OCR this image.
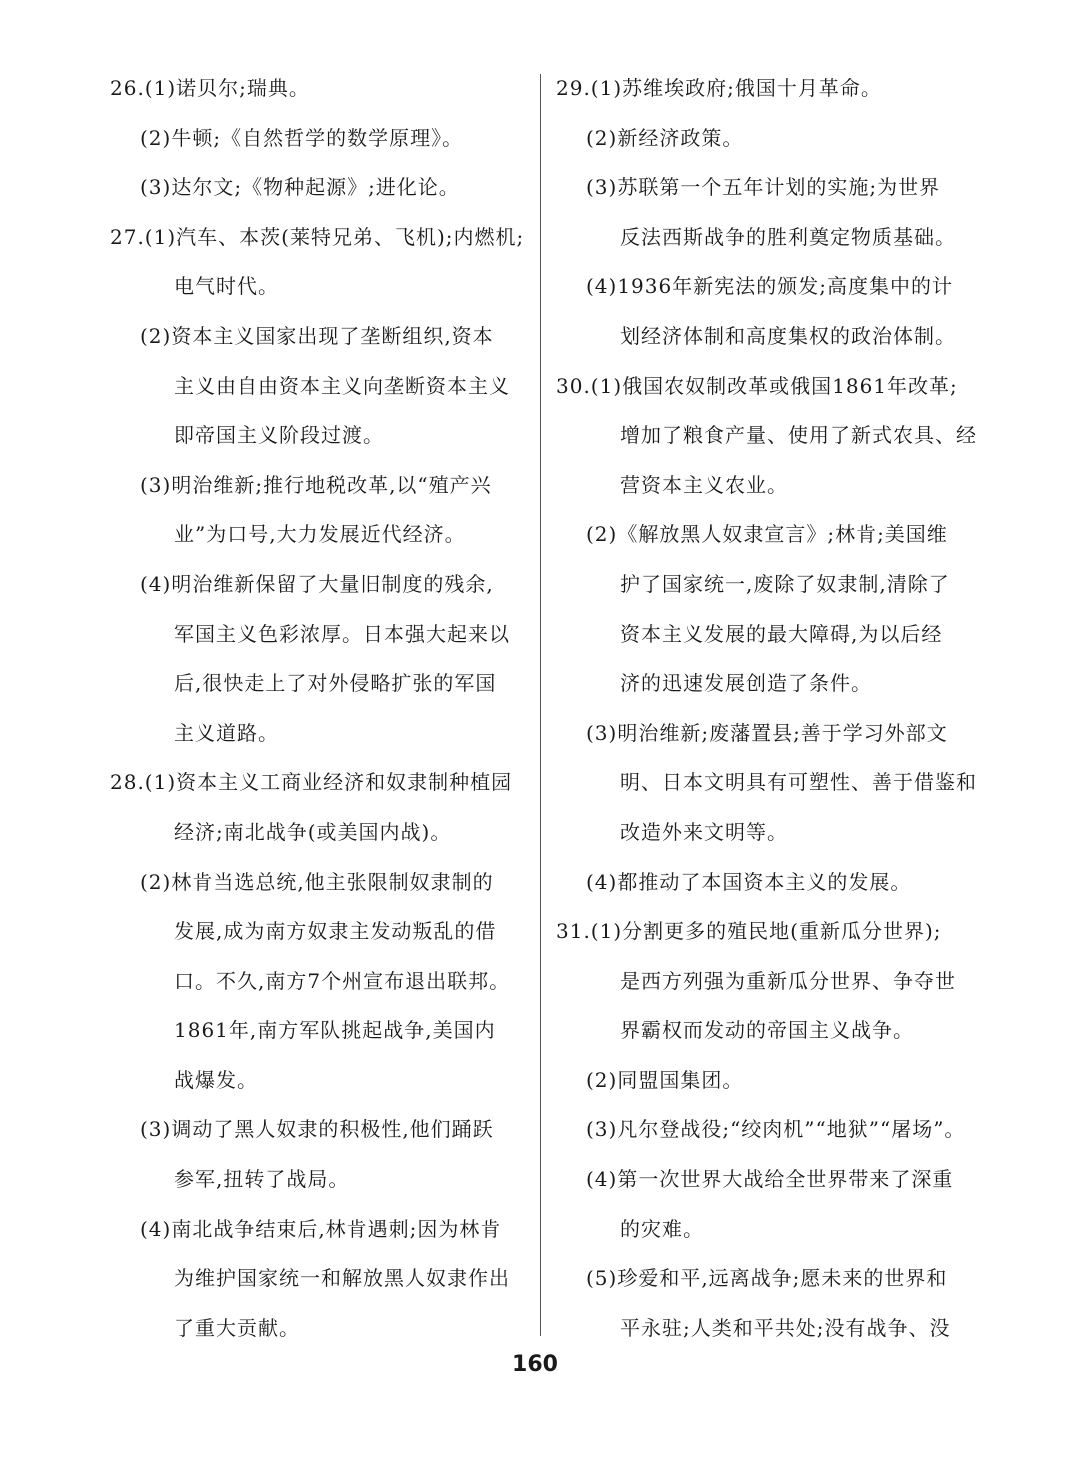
26.(1)诺贝尔;瑞典。
(2)牛顿;《自然哲学的数学原理》。
(3)达尔文;《物种起源》;进化论。
27.(1)汽车、本茨(莱特兄弟、飞机);内燃机;
电气时代。
(2)资本主义国家出现了垄断组织,资本
主义由自由资本主义向垄断资本主义
即帝国主义阶段过渡。
(3)明治维新;推行地税改革,以“殖产兴
业”为口号,大力发展近代经济。
(4)明治维新保留了大量旧制度的残余,
军国主义色彩浓厚。日本强大起来以
后,很快走上了对外侵略扩张的军国
主义道路。
28.(1)资本主义工商业经济和奴隶制种植园
经济;南北战争(或美国内战)。
(2)林肯当选总统,他主张限制奴隶制的
发展,成为南方奴隶主发动叛乱的借
口。不久,南方7个州宣布退出联邦。
1861年,南方军队挑起战争,美国内
战爆发。
(3)调动了黑人奴隶的积极性,他们踊跃
参军,扭转了战局。
(4)南北战争结束后,林肯遇刺;因为林肯
为维护国家统一和解放黑人奴隶作出
了重大贡献。
29.(1)苏维埃政府;俄国十月革命。
(2)新经济政策。
(3)苏联第一个五年计划的实施;为世界
反法西斯战争的胜利奠定物质基础。
(4)1936年新宪法的颁发;高度集中的计
划经济体制和高度集权的政治体制。
30.(1)俄国农奴制改革或俄国1861年改革;
增加了粮食产量、使用了新式农具、经
营资本主义农业。
(2)《解放黑人奴隶宣言》;林肯;美国维
护了国家统一,废除了奴隶制,清除了
资本主义发展的最大障碍,为以后经
济的迅速发展创造了条件。
(3)明治维新;废藩置县;善于学习外部文
明、日本文明具有可塑性、善于借鉴和
改造外来文明等。
(4)都推动了本国资本主义的发展。
31.(1)分割更多的殖民地(重新瓜分世界);
是西方列强为重新瓜分世界、争夺世
界霸权而发动的帝国主义战争。
(2)同盟国集团。
(3)凡尔登战役;“绞肉机”“地狱”“屠场”。
(4)第一次世界大战给全世界带来了深重
的灾难。
(5)珍爱和平,远离战争;愿未来的世界和
平永驻;人类和平共处;没有战争、没
160
